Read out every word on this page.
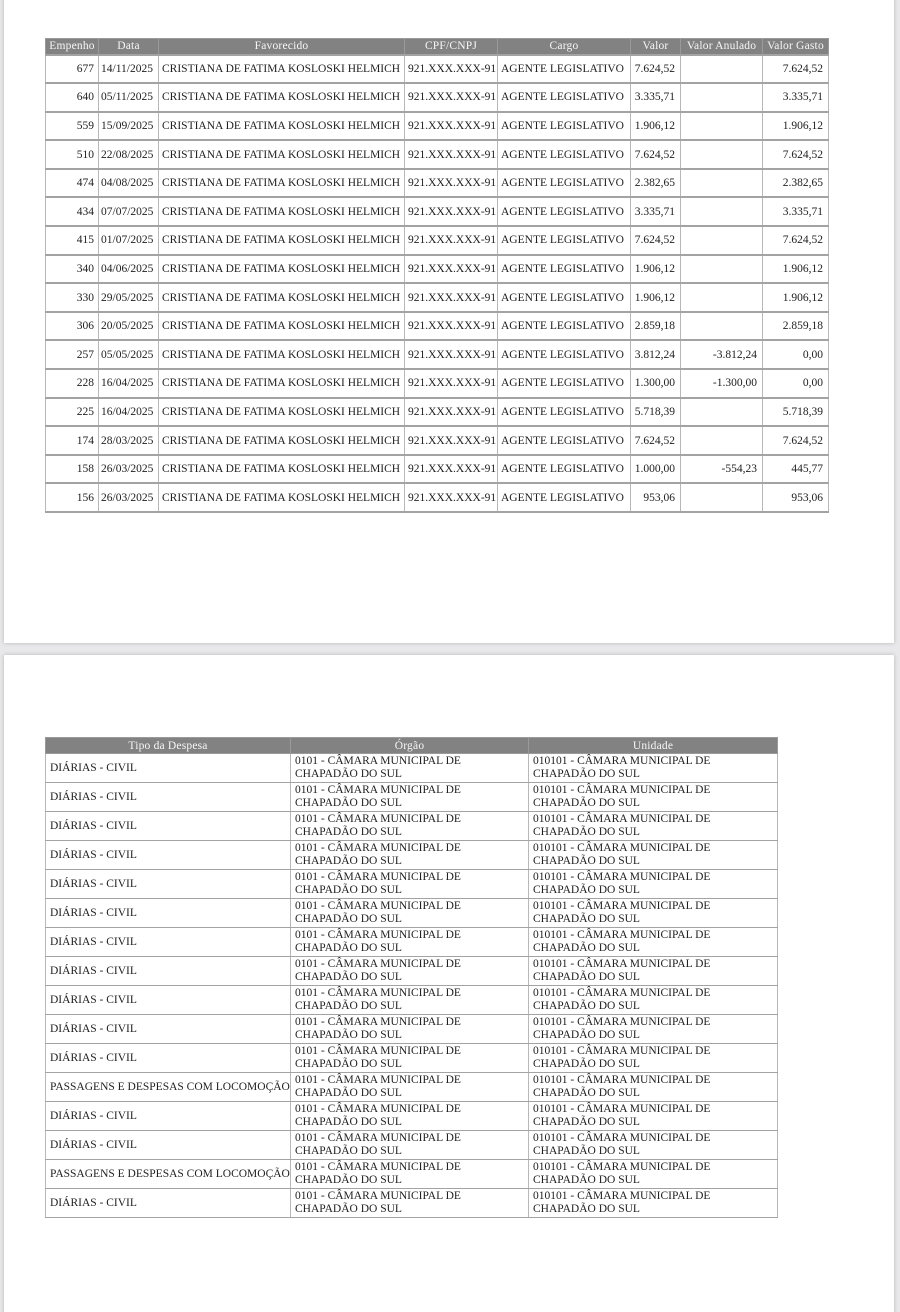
Empenho	Data	Favorecido	CPF/CNPJ	Cargo	Valor	Valor Anulado	Valor Gasto
677	14/11/2025	CRISTIANA DE FATIMA KOSLOSKI HELMICH	921.XXX.XXX-91	AGENTE LEGISLATIVO	7.624,52		7.624,52
640	05/11/2025	CRISTIANA DE FATIMA KOSLOSKI HELMICH	921.XXX.XXX-91	AGENTE LEGISLATIVO	3.335,71		3.335,71
559	15/09/2025	CRISTIANA DE FATIMA KOSLOSKI HELMICH	921.XXX.XXX-91	AGENTE LEGISLATIVO	1.906,12		1.906,12
510	22/08/2025	CRISTIANA DE FATIMA KOSLOSKI HELMICH	921.XXX.XXX-91	AGENTE LEGISLATIVO	7.624,52		7.624,52
474	04/08/2025	CRISTIANA DE FATIMA KOSLOSKI HELMICH	921.XXX.XXX-91	AGENTE LEGISLATIVO	2.382,65		2.382,65
434	07/07/2025	CRISTIANA DE FATIMA KOSLOSKI HELMICH	921.XXX.XXX-91	AGENTE LEGISLATIVO	3.335,71		3.335,71
415	01/07/2025	CRISTIANA DE FATIMA KOSLOSKI HELMICH	921.XXX.XXX-91	AGENTE LEGISLATIVO	7.624,52		7.624,52
340	04/06/2025	CRISTIANA DE FATIMA KOSLOSKI HELMICH	921.XXX.XXX-91	AGENTE LEGISLATIVO	1.906,12		1.906,12
330	29/05/2025	CRISTIANA DE FATIMA KOSLOSKI HELMICH	921.XXX.XXX-91	AGENTE LEGISLATIVO	1.906,12		1.906,12
306	20/05/2025	CRISTIANA DE FATIMA KOSLOSKI HELMICH	921.XXX.XXX-91	AGENTE LEGISLATIVO	2.859,18		2.859,18
257	05/05/2025	CRISTIANA DE FATIMA KOSLOSKI HELMICH	921.XXX.XXX-91	AGENTE LEGISLATIVO	3.812,24	-3.812,24	0,00
228	16/04/2025	CRISTIANA DE FATIMA KOSLOSKI HELMICH	921.XXX.XXX-91	AGENTE LEGISLATIVO	1.300,00	-1.300,00	0,00
225	16/04/2025	CRISTIANA DE FATIMA KOSLOSKI HELMICH	921.XXX.XXX-91	AGENTE LEGISLATIVO	5.718,39		5.718,39
174	28/03/2025	CRISTIANA DE FATIMA KOSLOSKI HELMICH	921.XXX.XXX-91	AGENTE LEGISLATIVO	7.624,52		7.624,52
158	26/03/2025	CRISTIANA DE FATIMA KOSLOSKI HELMICH	921.XXX.XXX-91	AGENTE LEGISLATIVO	1.000,00	-554,23	445,77
156	26/03/2025	CRISTIANA DE FATIMA KOSLOSKI HELMICH	921.XXX.XXX-91	AGENTE LEGISLATIVO	953,06		953,06
Tipo da Despesa	Órgão	Unidade
DIÁRIAS - CIVIL	0101 - CÂMARA MUNICIPAL DE CHAPADÃO DO SUL	010101 - CÂMARA MUNICIPAL DE CHAPADÃO DO SUL
DIÁRIAS - CIVIL	0101 - CÂMARA MUNICIPAL DE CHAPADÃO DO SUL	010101 - CÂMARA MUNICIPAL DE CHAPADÃO DO SUL
DIÁRIAS - CIVIL	0101 - CÂMARA MUNICIPAL DE CHAPADÃO DO SUL	010101 - CÂMARA MUNICIPAL DE CHAPADÃO DO SUL
DIÁRIAS - CIVIL	0101 - CÂMARA MUNICIPAL DE CHAPADÃO DO SUL	010101 - CÂMARA MUNICIPAL DE CHAPADÃO DO SUL
DIÁRIAS - CIVIL	0101 - CÂMARA MUNICIPAL DE CHAPADÃO DO SUL	010101 - CÂMARA MUNICIPAL DE CHAPADÃO DO SUL
DIÁRIAS - CIVIL	0101 - CÂMARA MUNICIPAL DE CHAPADÃO DO SUL	010101 - CÂMARA MUNICIPAL DE CHAPADÃO DO SUL
DIÁRIAS - CIVIL	0101 - CÂMARA MUNICIPAL DE CHAPADÃO DO SUL	010101 - CÂMARA MUNICIPAL DE CHAPADÃO DO SUL
DIÁRIAS - CIVIL	0101 - CÂMARA MUNICIPAL DE CHAPADÃO DO SUL	010101 - CÂMARA MUNICIPAL DE CHAPADÃO DO SUL
DIÁRIAS - CIVIL	0101 - CÂMARA MUNICIPAL DE CHAPADÃO DO SUL	010101 - CÂMARA MUNICIPAL DE CHAPADÃO DO SUL
DIÁRIAS - CIVIL	0101 - CÂMARA MUNICIPAL DE CHAPADÃO DO SUL	010101 - CÂMARA MUNICIPAL DE CHAPADÃO DO SUL
DIÁRIAS - CIVIL	0101 - CÂMARA MUNICIPAL DE CHAPADÃO DO SUL	010101 - CÂMARA MUNICIPAL DE CHAPADÃO DO SUL
PASSAGENS E DESPESAS COM LOCOMOÇÃO	0101 - CÂMARA MUNICIPAL DE CHAPADÃO DO SUL	010101 - CÂMARA MUNICIPAL DE CHAPADÃO DO SUL
DIÁRIAS - CIVIL	0101 - CÂMARA MUNICIPAL DE CHAPADÃO DO SUL	010101 - CÂMARA MUNICIPAL DE CHAPADÃO DO SUL
DIÁRIAS - CIVIL	0101 - CÂMARA MUNICIPAL DE CHAPADÃO DO SUL	010101 - CÂMARA MUNICIPAL DE CHAPADÃO DO SUL
PASSAGENS E DESPESAS COM LOCOMOÇÃO	0101 - CÂMARA MUNICIPAL DE CHAPADÃO DO SUL	010101 - CÂMARA MUNICIPAL DE CHAPADÃO DO SUL
DIÁRIAS - CIVIL	0101 - CÂMARA MUNICIPAL DE CHAPADÃO DO SUL	010101 - CÂMARA MUNICIPAL DE CHAPADÃO DO SUL
